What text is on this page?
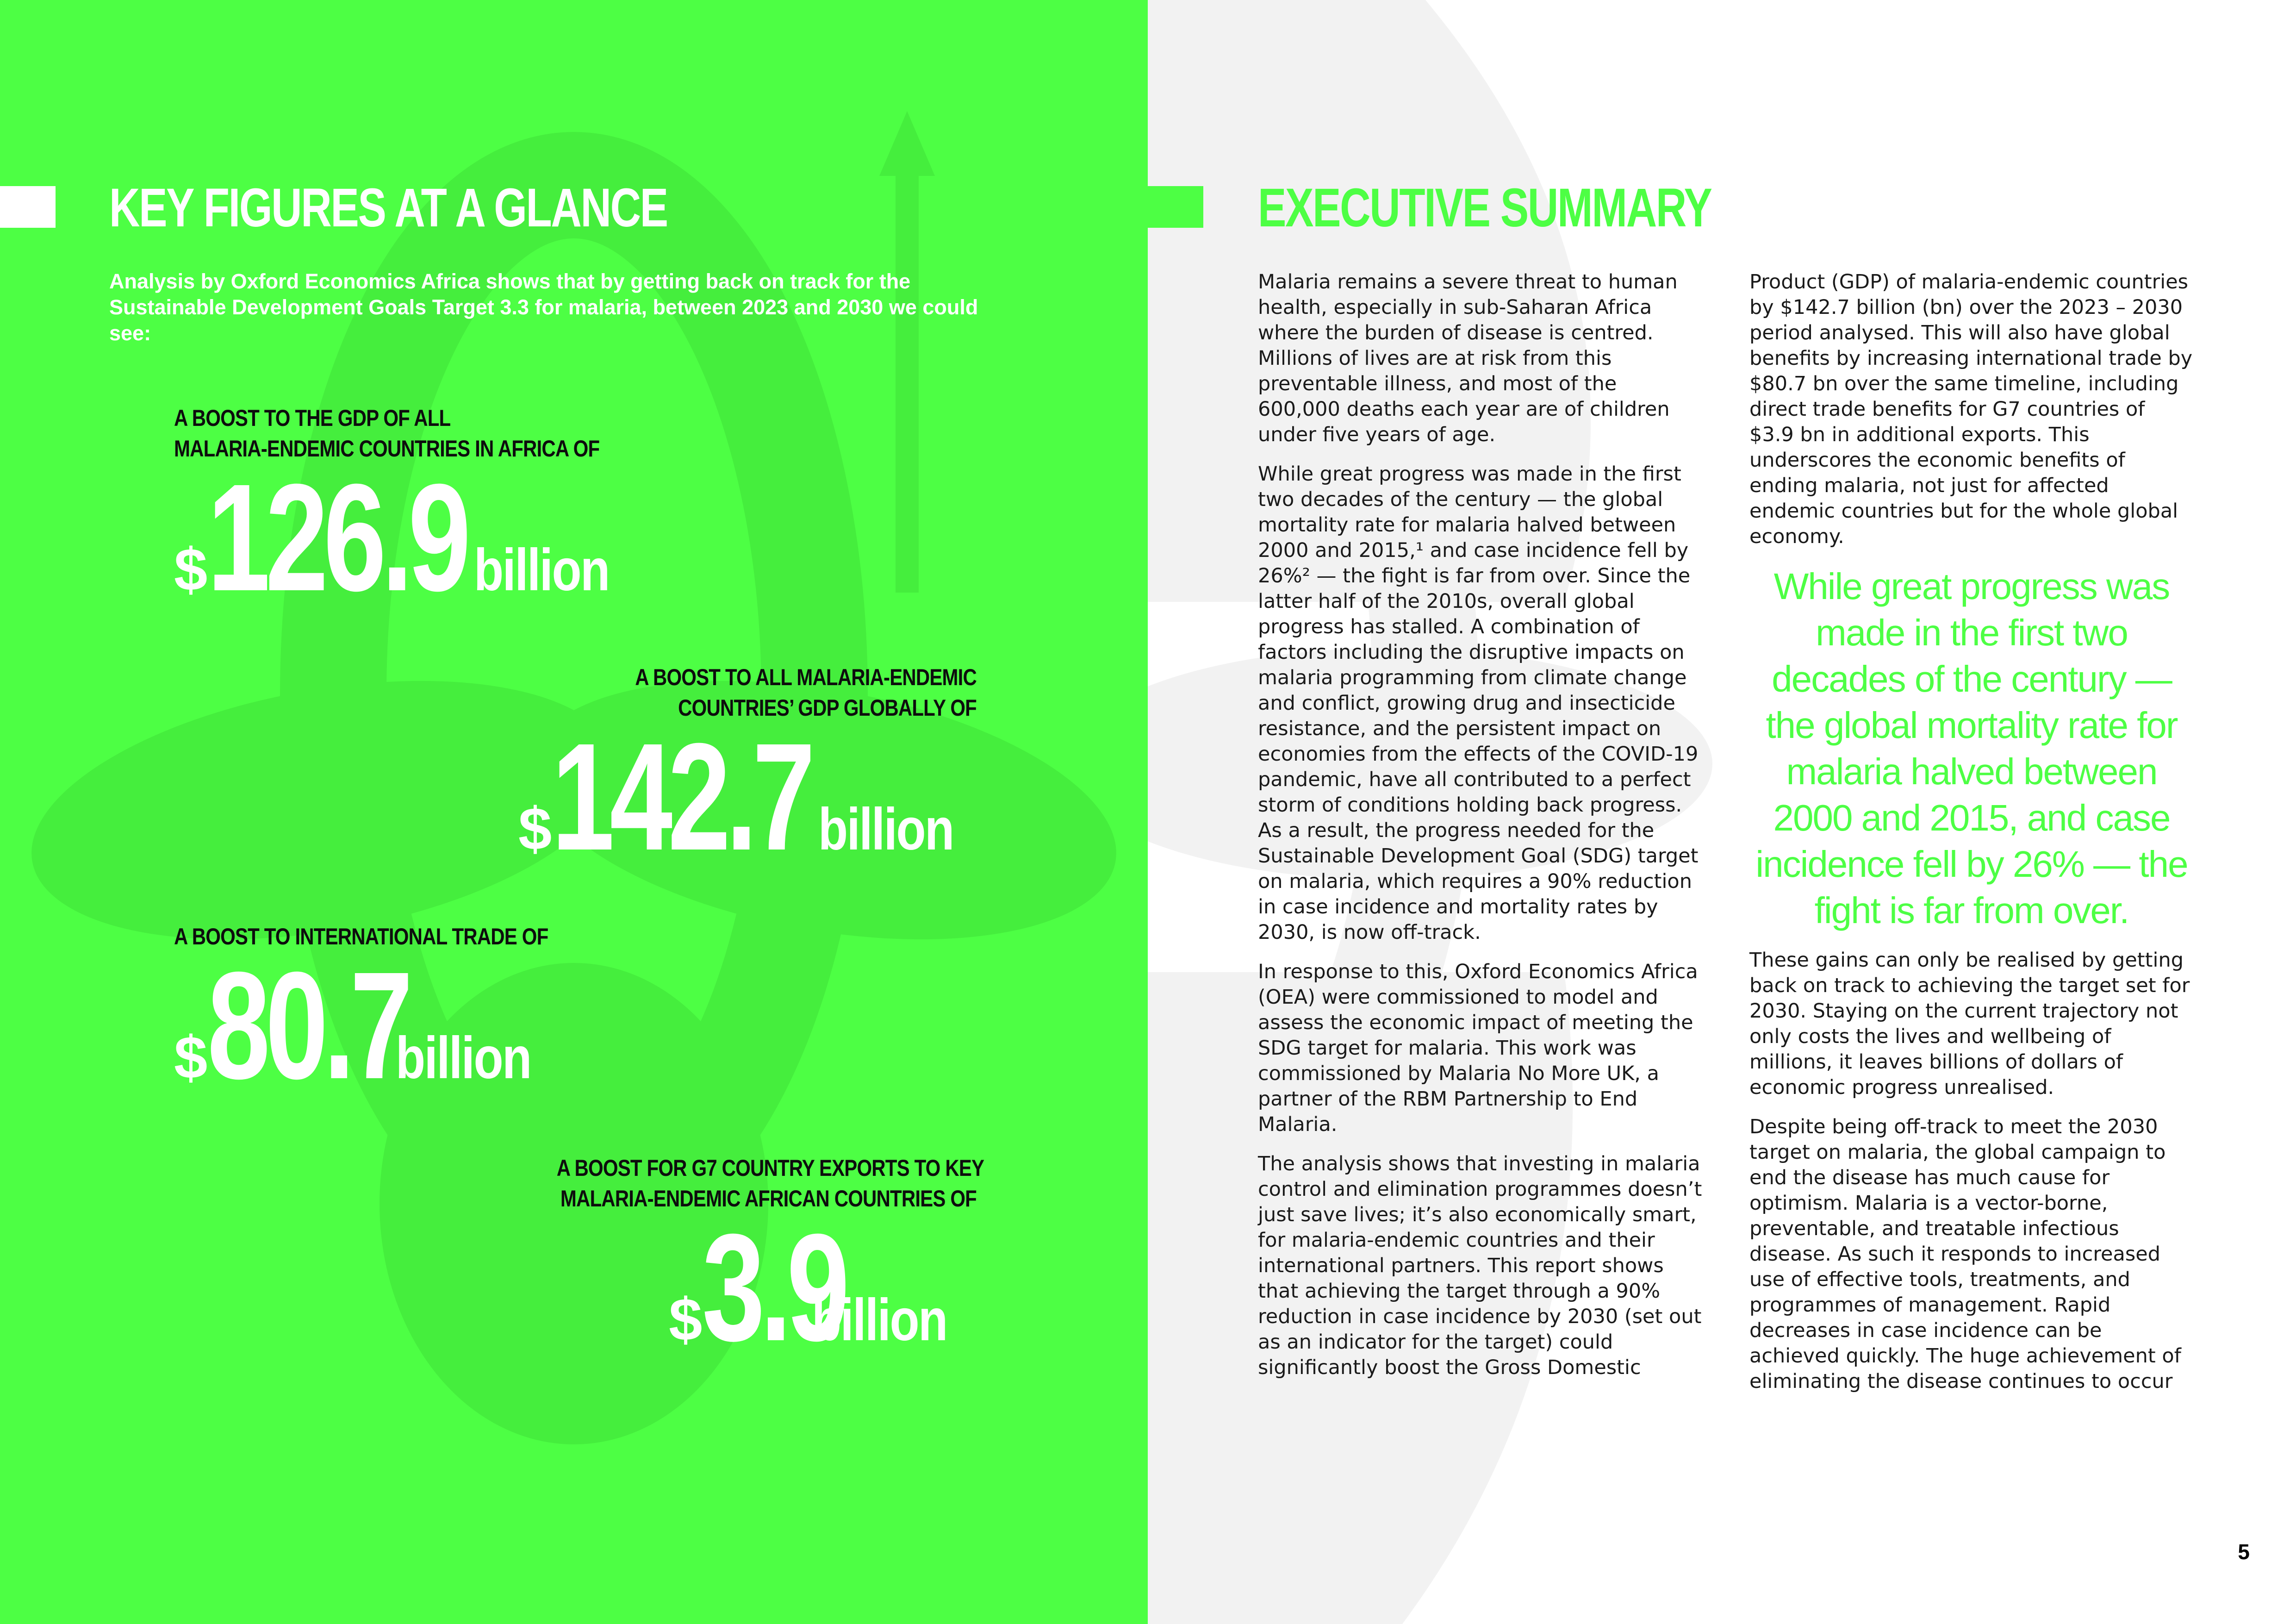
KEY FIGURES AT A GLANCE

Analysis by Oxford Economics Africa shows that by getting back on track for the Sustainable Development Goals Target 3.3 for malaria, between 2023 and 2030 we could see:

A BOOST TO THE GDP OF ALL
MALARIA-ENDEMIC COUNTRIES IN AFRICA OF

$126.9 billion

A BOOST TO ALL MALARIA-ENDEMIC
COUNTRIES’ GDP GLOBALLY OF

$142.7 billion

A BOOST TO INTERNATIONAL TRADE OF

$80.7billion

A BOOST FOR G7 COUNTRY EXPORTS TO KEY
MALARIA-ENDEMIC AFRICAN COUNTRIES OF

$3.9billion
EXECUTIVE SUMMARY

Malaria remains a severe threat to human health, especially in sub-Saharan Africa where the burden of disease is centred. Millions of lives are at risk from this preventable illness, and most of the 600,000 deaths each year are of children under five years of age.

While great progress was made in the first two decades of the century — the global mortality rate for malaria halved between 2000 and 2015,¹ and case incidence fell by 26%² — the fight is far from over. Since the latter half of the 2010s, overall global progress has stalled. A combination of factors including the disruptive impacts on malaria programming from climate change and conflict, growing drug and insecticide resistance, and the persistent impact on economies from the effects of the COVID-19 pandemic, have all contributed to a perfect storm of conditions holding back progress. As a result, the progress needed for the Sustainable Development Goal (SDG) target on malaria, which requires a 90% reduction in case incidence and mortality rates by 2030, is now off-track.

In response to this, Oxford Economics Africa (OEA) were commissioned to model and assess the economic impact of meeting the SDG target for malaria. This work was commissioned by Malaria No More UK, a partner of the RBM Partnership to End Malaria.

The analysis shows that investing in malaria control and elimination programmes doesn’t just save lives; it’s also economically smart, for malaria-endemic countries and their international partners. This report shows that achieving the target through a 90% reduction in case incidence by 2030 (set out as an indicator for the target) could significantly boost the Gross Domestic

Product (GDP) of malaria-endemic countries by $142.7 billion (bn) over the 2023 – 2030 period analysed. This will also have global benefits by increasing international trade by $80.7 bn over the same timeline, including direct trade benefits for G7 countries of $3.9 bn in additional exports. This underscores the economic benefits of ending malaria, not just for affected endemic countries but for the whole global economy.

While great progress was made in the first two decades of the century — the global mortality rate for malaria halved between 2000 and 2015, and case incidence fell by 26% — the fight is far from over.

These gains can only be realised by getting back on track to achieving the target set for 2030. Staying on the current trajectory not only costs the lives and wellbeing of millions, it leaves billions of dollars of economic progress unrealised.

Despite being off-track to meet the 2030 target on malaria, the global campaign to end the disease has much cause for optimism. Malaria is a vector-borne, preventable, and treatable infectious disease. As such it responds to increased use of effective tools, treatments, and programmes of management. Rapid decreases in case incidence can be achieved quickly. The huge achievement of eliminating the disease continues to occur

5
